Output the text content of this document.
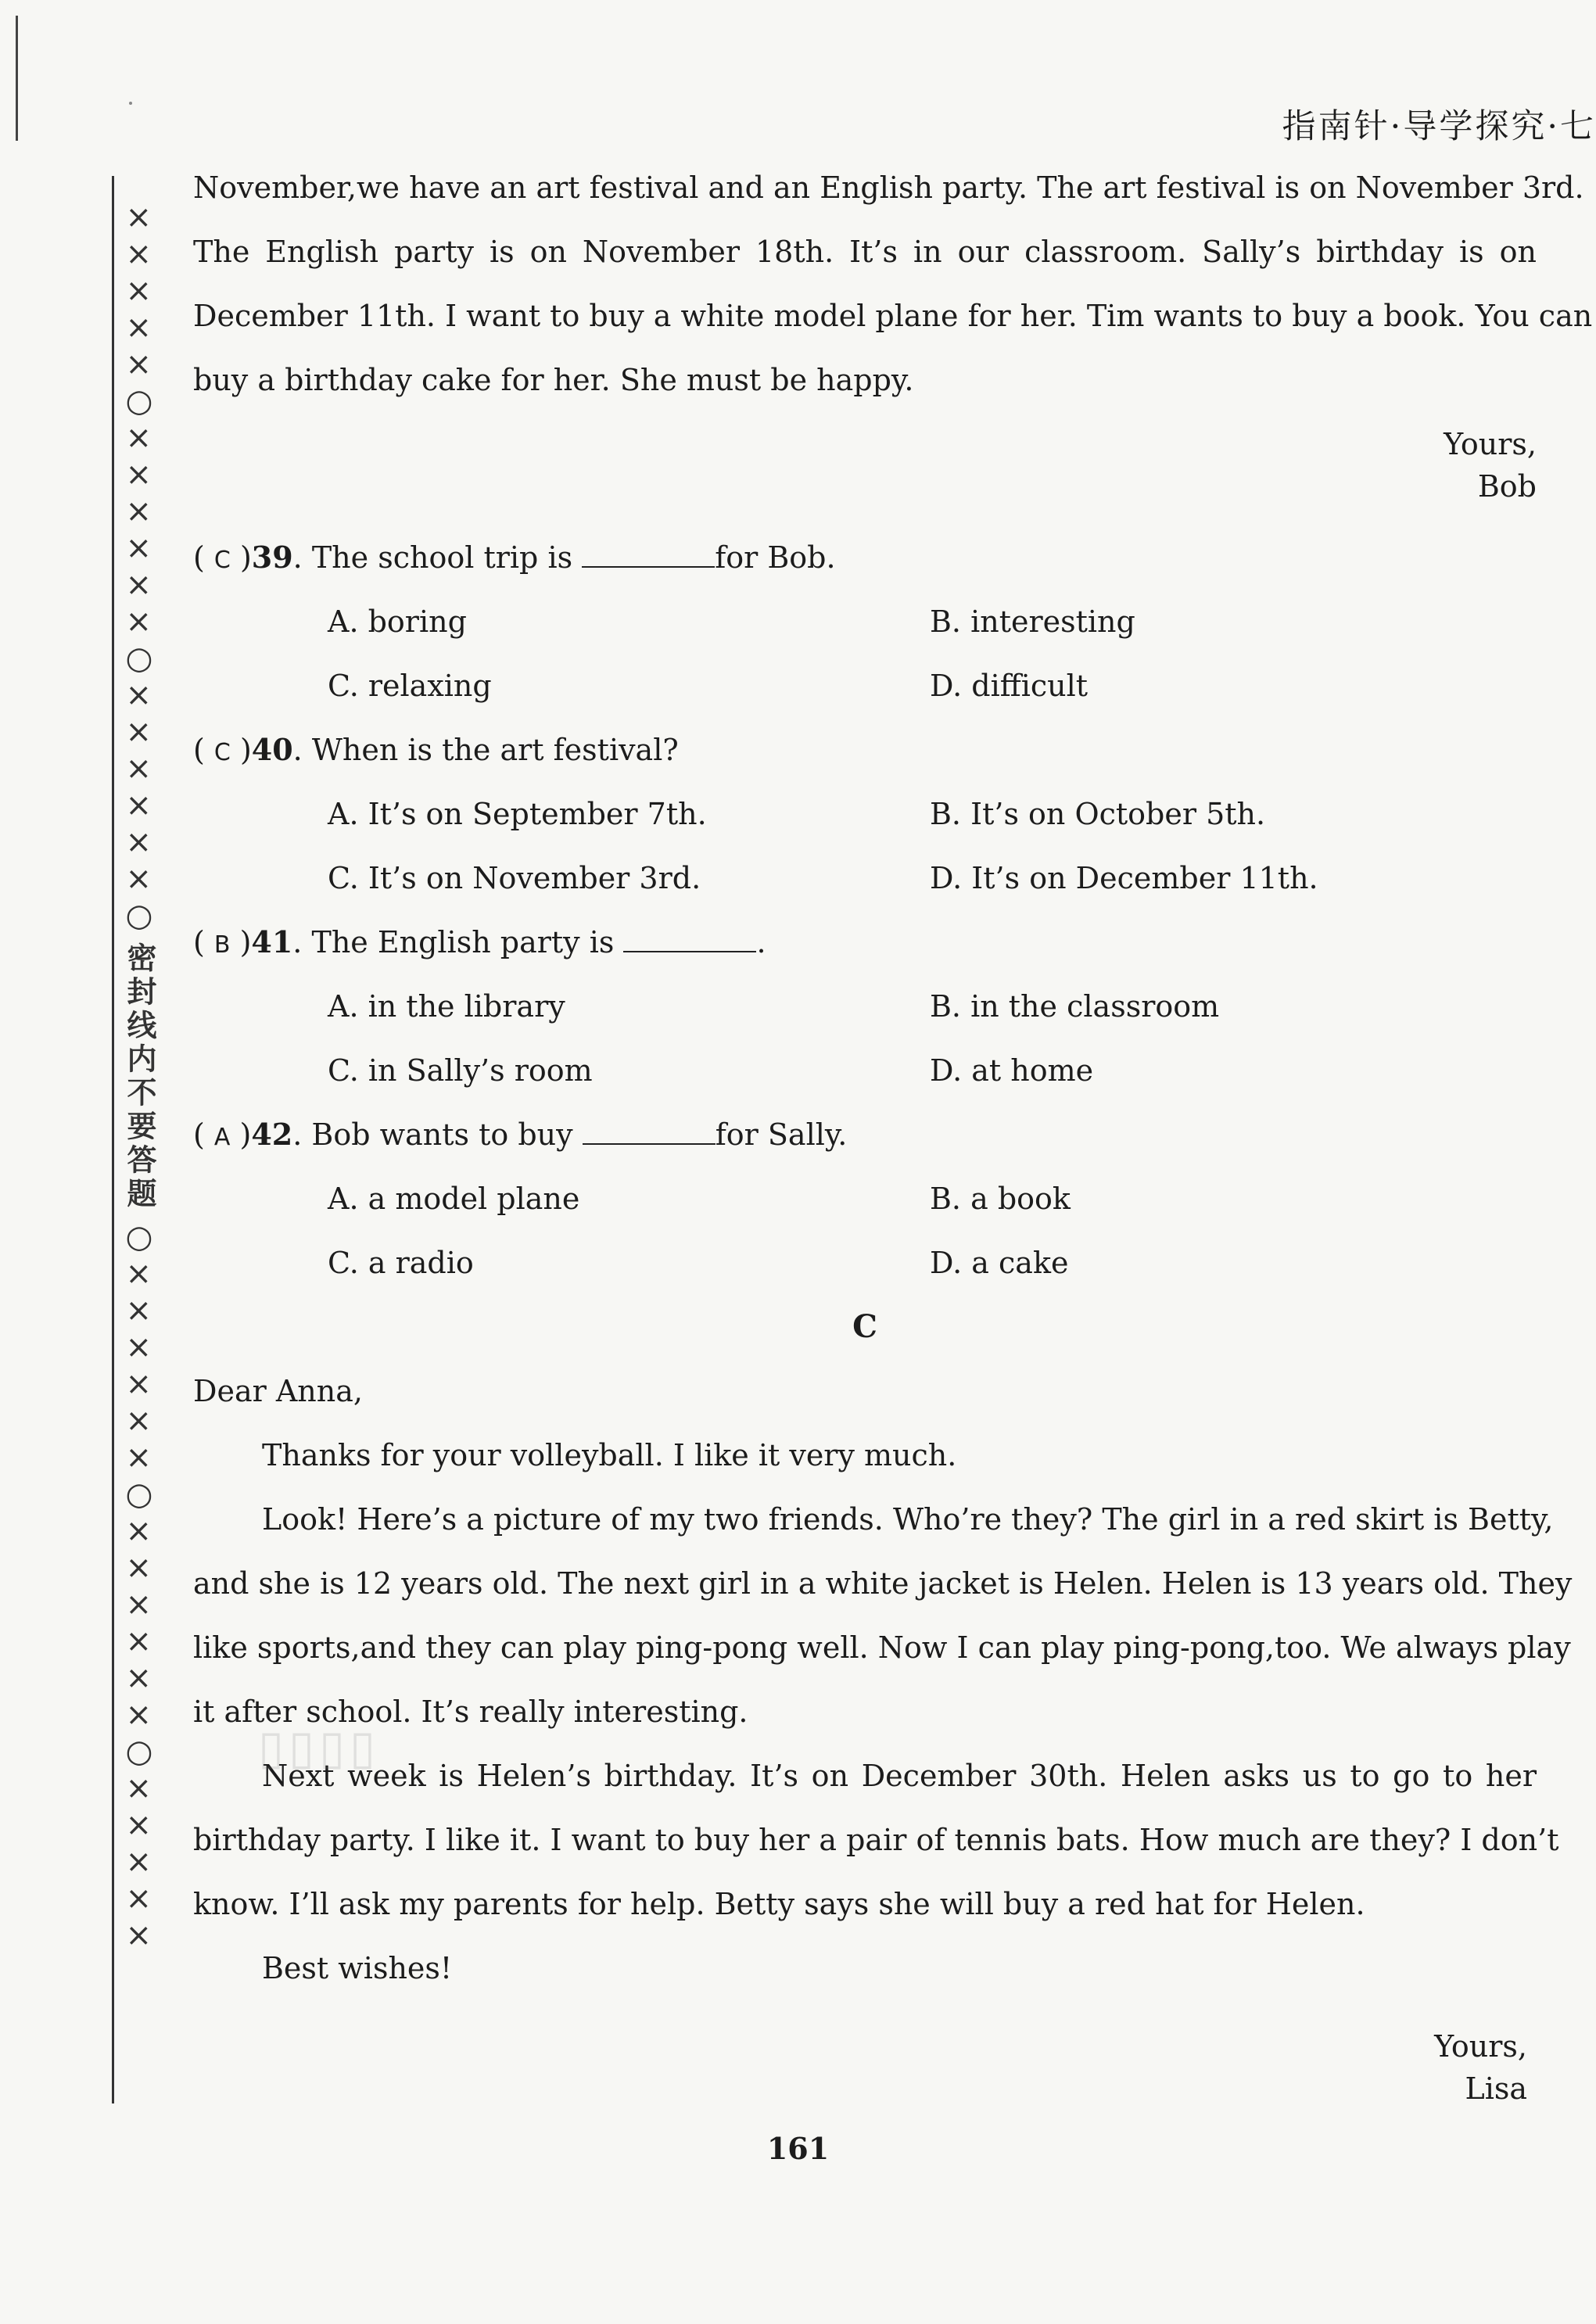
×
×
×
×
×
○
×
×
×
×
×
×
○
×
×
×
×
×
×
○
密封线内不要答题
○
×
×
×
×
×
×
○
×
×
×
×
×
×
○
×
×
×
×
×
指南针·导学探究·七
November,we have an art festival and an English party. The art festival is on November 3rd.
The English party is on November 18th. It’s in our classroom. Sally’s birthday is on
December 11th. I want to buy a white model plane for her. Tim wants to buy a book. You can
buy a birthday cake for her. She must be happy.
Yours,
Bob
( C )39. The school trip is	for Bob.
A. boring	B. interesting
C. relaxing	D. difficult
( C )40. When is the art festival?
A. It’s on September 7th.	B. It’s on October 5th.
C. It’s on November 3rd.	D. It’s on December 11th.
( B )41. The English party is	.
A. in the library	B. in the classroom
C. in Sally’s room	D. at home
( A )42. Bob wants to buy	for Sally.
A. a model plane	B. a book
C. a radio	D. a cake
C
Dear Anna,
Thanks for your volleyball. I like it very much.
Look! Here’s a picture of my two friends. Who’re they? The girl in a red skirt is Betty,
and she is 12 years old. The next girl in a white jacket is Helen. Helen is 13 years old. They
like sports,and they can play ping-pong well. Now I can play ping-pong,too. We always play
it after school. It’s really interesting.
Next week is Helen’s birthday. It’s on December 30th. Helen asks us to go to her
birthday party. I like it. I want to buy her a pair of tennis bats. How much are they? I don’t
know. I’ll ask my parents for help. Betty says she will buy a red hat for Helen.
Best wishes!
Yours,
Lisa
▯▯▯▯
161
